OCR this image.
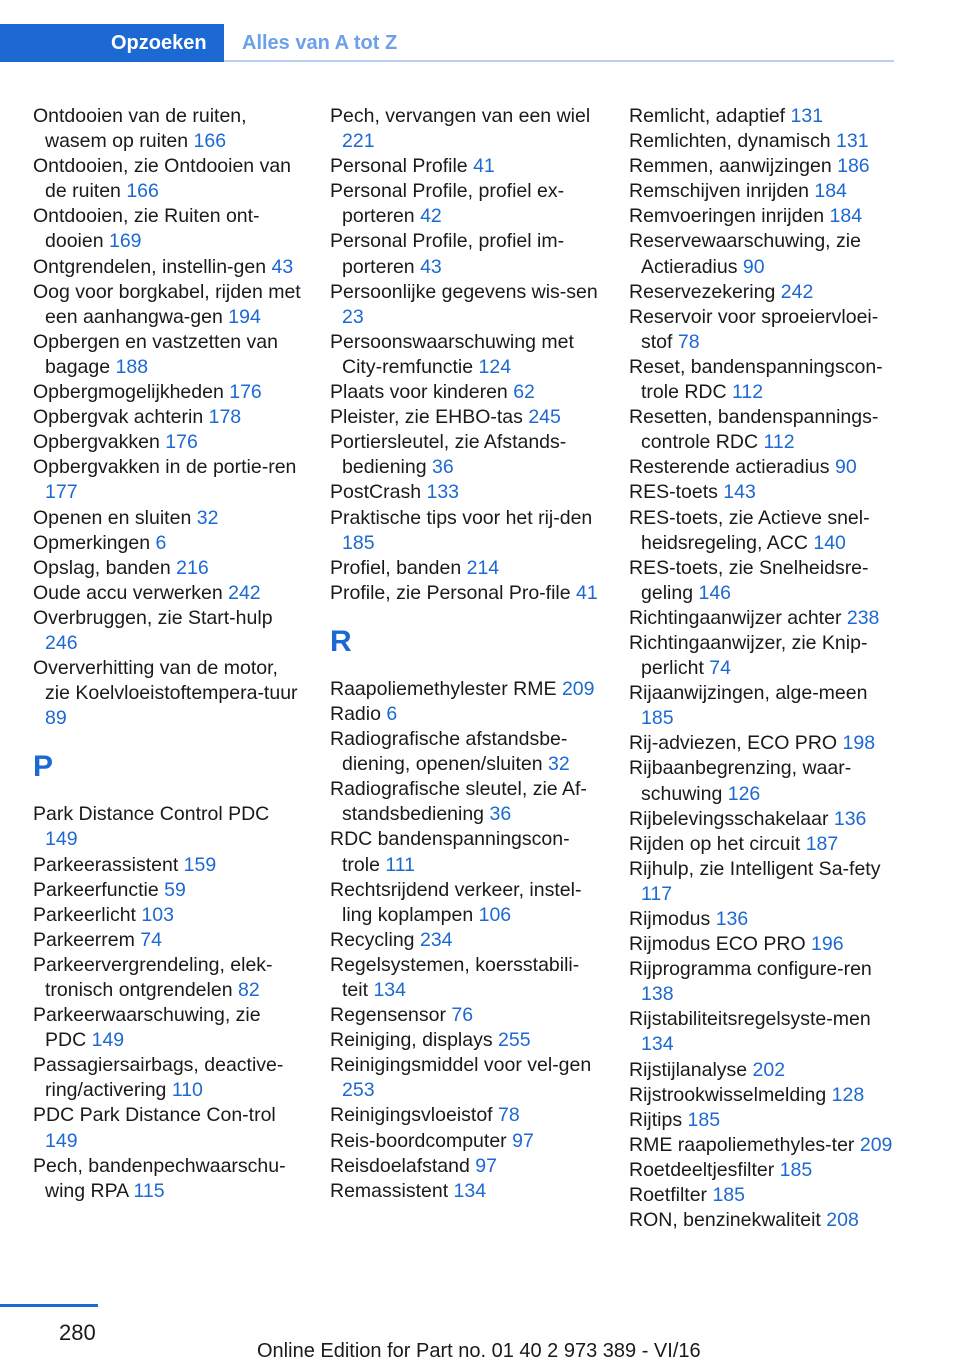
Opzoeken Alles van A tot Z

Ontdooien van de ruiten, wasem op ruiten 166

Ontdooien, zie Ontdooien van de ruiten 166

Ontdooien, zie Ruiten ont-dooien 169

Ontgrendelen, instellin-gen 43

Oog voor borgkabel, rijden met een aanhangwa-gen 194

Opbergen en vastzetten van bagage 188

Opbergmogelijkheden 176

Opbergvak achterin 178

Opbergvakken 176

Opbergvakken in de portie-ren 177

Openen en sluiten 32

Opmerkingen 6

Opslag, banden 216

Oude accu verwerken 242

Overbruggen, zie Start-hulp 246

Oververhitting van de motor, zie Koelvloeistoftempera-tuur 89

P

Park Distance Control PDC 149

Parkeerassistent 159

Parkeerfunctie 59

Parkeerlicht 103

Parkeerrem 74

Parkeervergrendeling, elek-tronisch ontgrendelen 82

Parkeerwaarschuwing, zie PDC 149

Passagiersairbags, deactive-ring/activering 110

PDC Park Distance Con-trol 149

Pech, bandenpechwaarschu-wing RPA 115

Pech, vervangen van een wiel 221

Personal Profile 41

Personal Profile, profiel ex-porteren 42

Personal Profile, profiel im-porteren 43

Persoonlijke gegevens wis-sen 23

Persoonswaarschuwing met City-remfunctie 124

Plaats voor kinderen 62

Pleister, zie EHBO-tas 245

Portiersleutel, zie Afstands-bediening 36

PostCrash 133

Praktische tips voor het rij-den 185

Profiel, banden 214

Profile, zie Personal Pro-file 41

R

Raapoliemethylester RME 209

Radio 6

Radiografische afstandsbe-diening, openen/sluiten 32

Radiografische sleutel, zie Af-standsbediening 36

RDC bandenspanningscon-trole 111

Rechtsrijdend verkeer, instel-ling koplampen 106

Recycling 234

Regelsystemen, koersstabili-teit 134

Regensensor 76

Reiniging, displays 255

Reinigingsmiddel voor vel-gen 253

Reinigingsvloeistof 78

Reis-boordcomputer 97

Reisdoelafstand 97

Remassistent 134

Remlicht, adaptief 131

Remlichten, dynamisch 131

Remmen, aanwijzingen 186

Remschijven inrijden 184

Remvoeringen inrijden 184

Reservewaarschuwing, zie Actieradius 90

Reservezekering 242

Reservoir voor sproeiervloei-stof 78

Reset, bandenspanningscon-trole RDC 112

Resetten, bandenspannings-controle RDC 112

Resterende actieradius 90

RES-toets 143

RES-toets, zie Actieve snel-heidsregeling, ACC 140

RES-toets, zie Snelheidsre-geling 146

Richtingaanwijzer achter 238

Richtingaanwijzer, zie Knip-perlicht 74

Rijaanwijzingen, alge-meen 185

Rij-adviezen, ECO PRO 198

Rijbaanbegrenzing, waar-schuwing 126

Rijbelevingsschakelaar 136

Rijden op het circuit 187

Rijhulp, zie Intelligent Sa-fety 117

Rijmodus 136

Rijmodus ECO PRO 196

Rijprogramma configure-ren 138

Rijstabiliteitsregelsyste-men 134

Rijstijlanalyse 202

Rijstrookwisselmelding 128

Rijtips 185

RME raapoliemethyles-ter 209

Roetdeeltjesfilter 185

Roetfilter 185

RON, benzinekwaliteit 208

280
Online Edition for Part no. 01 40 2 973 389 - VI/16
